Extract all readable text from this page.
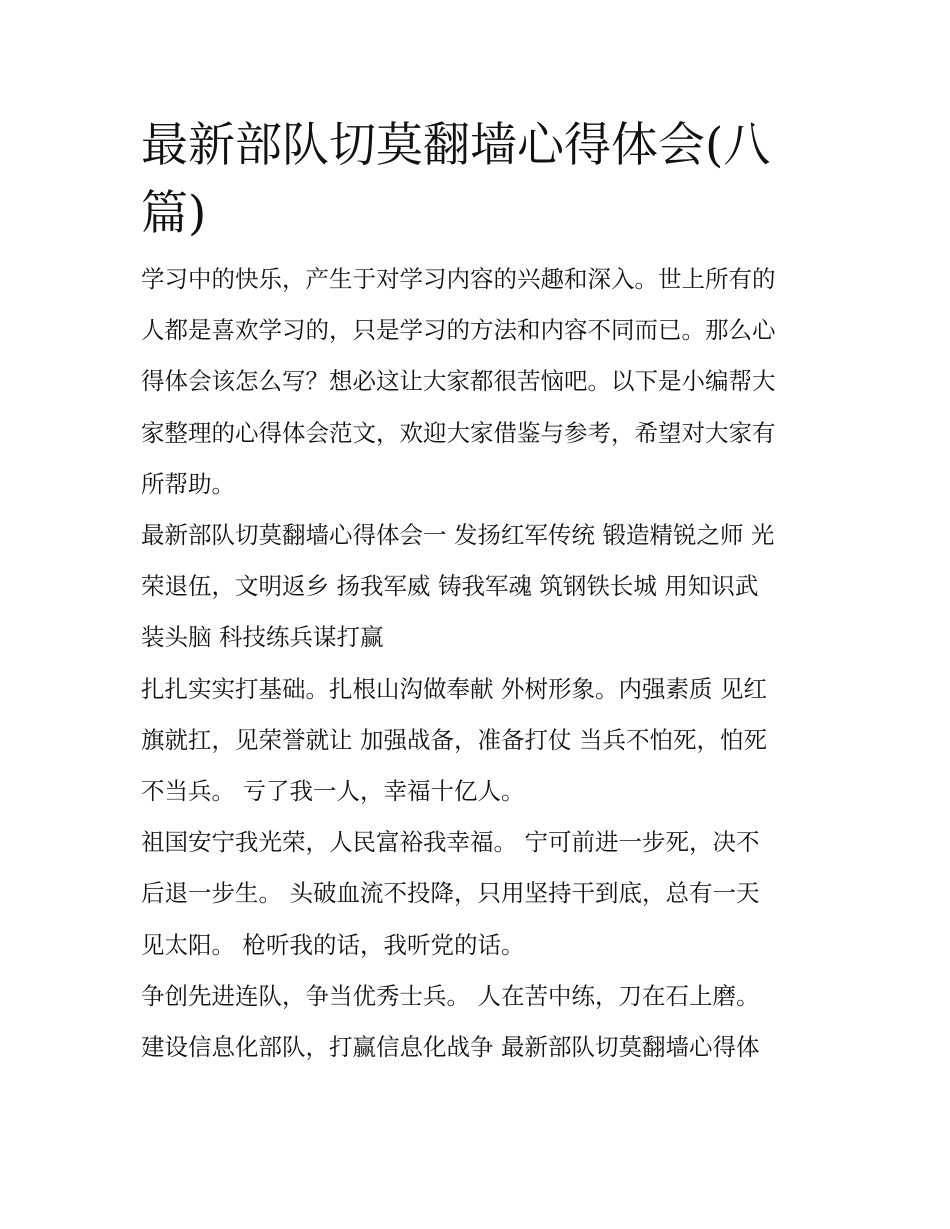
最新部队切莫翻墙心得体会(八
篇)

学习中的快乐，产生于对学习内容的兴趣和深入。世上所有的
人都是喜欢学习的，只是学习的方法和内容不同而已。那么心
得体会该怎么写？想必这让大家都很苦恼吧。以下是小编帮大
家整理的心得体会范文，欢迎大家借鉴与参考，希望对大家有
所帮助。

最新部队切莫翻墙心得体会一 发扬红军传统 锻造精锐之师 光
荣退伍，文明返乡 扬我军威 铸我军魂 筑钢铁长城 用知识武
装头脑 科技练兵谋打赢

扎扎实实打基础。扎根山沟做奉献 外树形象。内强素质 见红
旗就扛，见荣誉就让 加强战备，准备打仗 当兵不怕死，怕死
不当兵。 亏了我一人，幸福十亿人。

祖国安宁我光荣，人民富裕我幸福。 宁可前进一步死，决不
后退一步生。 头破血流不投降，只用坚持干到底，总有一天
见太阳。 枪听我的话，我听党的话。

争创先进连队，争当优秀士兵。 人在苦中练，刀在石上磨。
建设信息化部队，打赢信息化战争 最新部队切莫翻墙心得体
